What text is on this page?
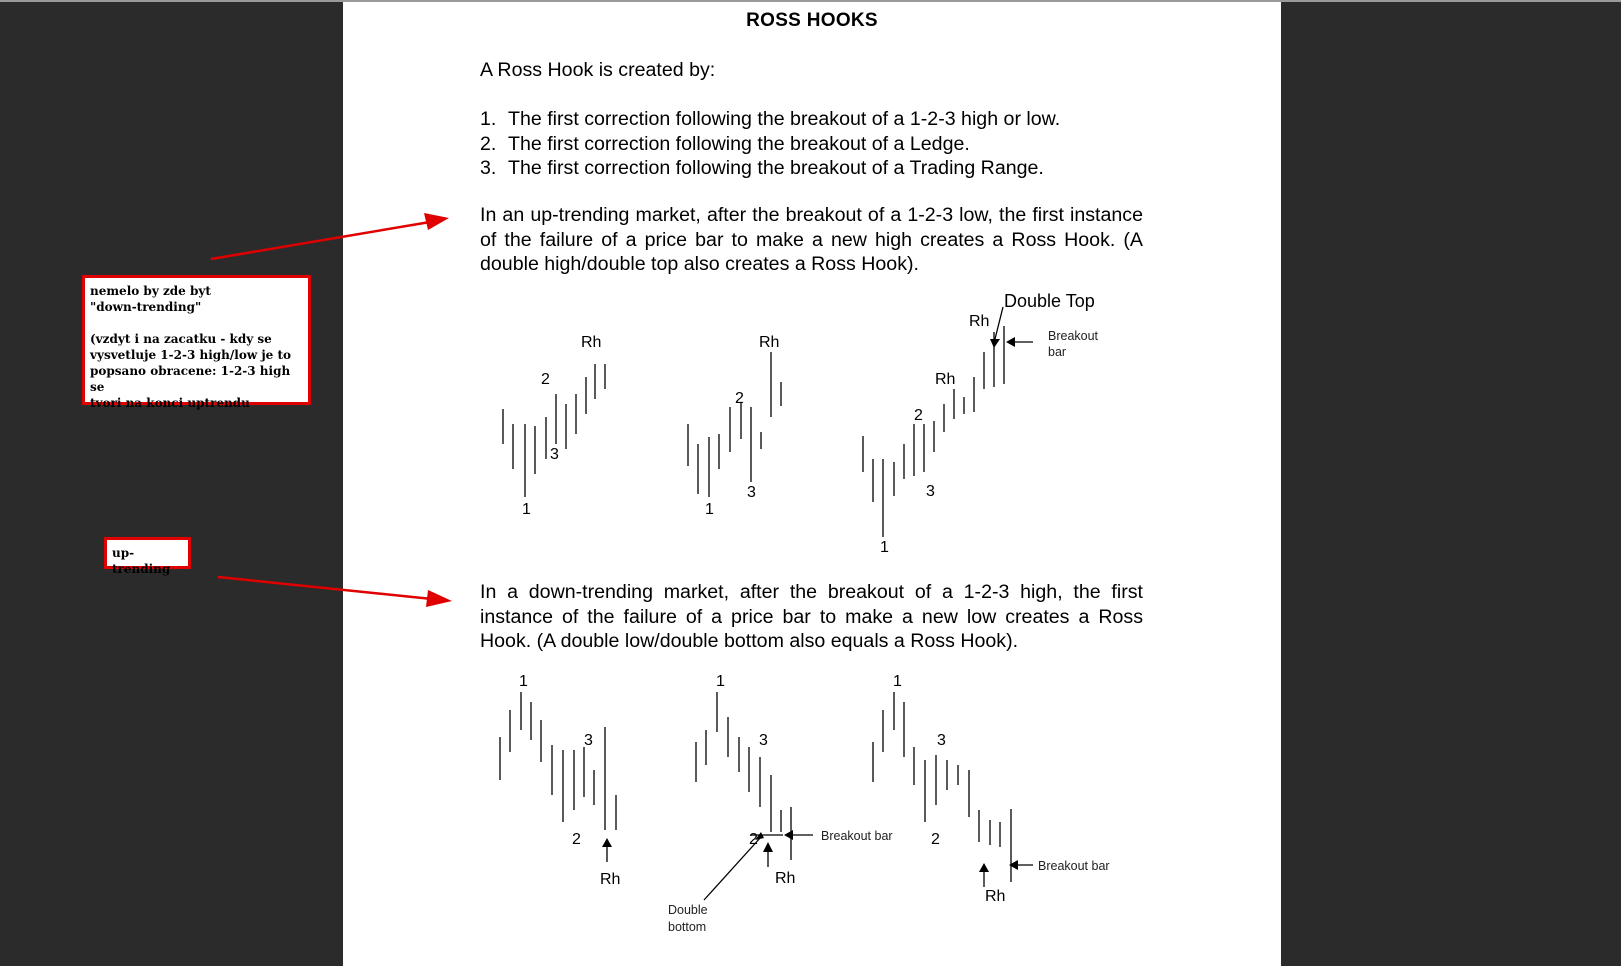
ROSS HOOKS
A Ross Hook is created by:
1. The first correction following the breakout of a 1-2-3 high or low.
2. The first correction following the breakout of a Ledge.
3. The first correction following the breakout of a Trading Range.
In an up-trending market, after the breakout of a 1-2-3 low, the first instance of the failure of a price bar to make a new high creates a Ross Hook. (A double high/double top also creates a Ross Hook).
1
2
3
Rh
1
2
3
Rh
1
2
3
Rh
Rh
Double Top
Breakout
bar
In a down-trending market, after the breakout of a 1-2-3 high, the first instance of the failure of a price bar to make a new low creates a Ross Hook. (A double low/double bottom also equals a Ross Hook).
1
2
3
Rh
1
2
3
Rh
1
2
3
Rh
Breakout bar
Double
bottom
Breakout bar

nemelo by zde byt

"down-trending"

(vzdyt i na zacatku - kdy se

vysvetluje 1-2-3 high/low je to

popsano obracene: 1-2-3 high se

tvori na konci uptrendu

up-trending
